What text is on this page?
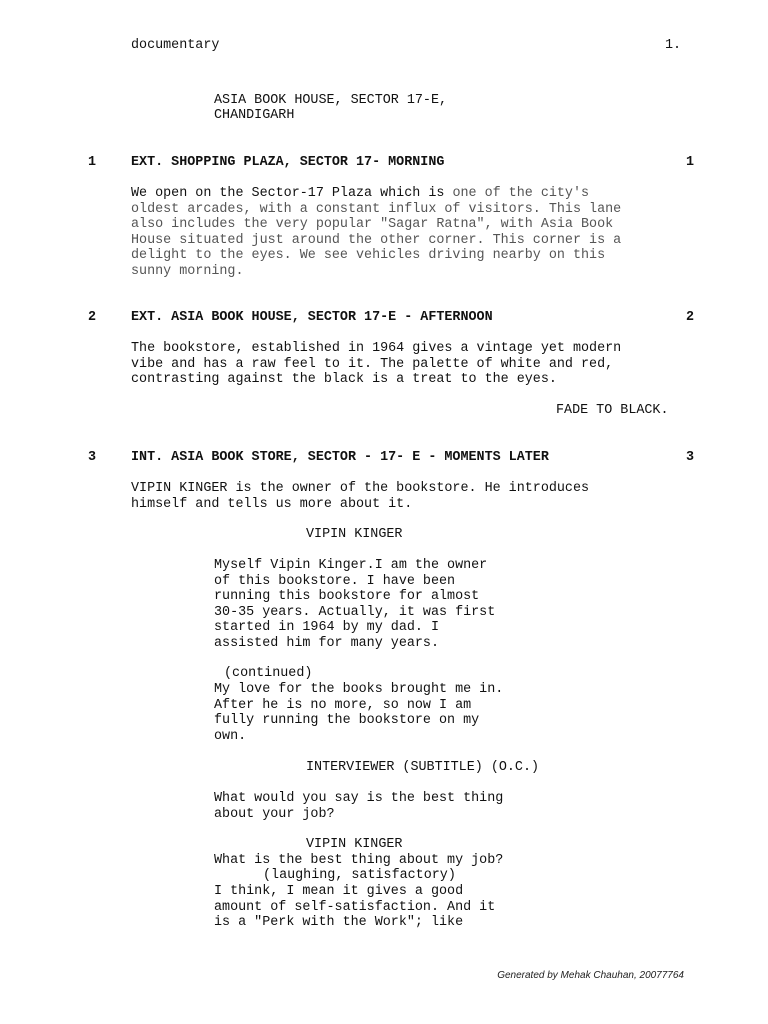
documentary	1.
ASIA BOOK HOUSE, SECTOR 17-E,
CHANDIGARH
1	EXT. SHOPPING PLAZA, SECTOR 17- MORNING	1
We open on the Sector-17 Plaza which is one of the city's
oldest arcades, with a constant influx of visitors. This lane
also includes the very popular "Sagar Ratna", with Asia Book
House situated just around the other corner. This corner is a
delight to the eyes. We see vehicles driving nearby on this
sunny morning.
2	EXT. ASIA BOOK HOUSE, SECTOR 17-E - AFTERNOON	2
The bookstore, established in 1964 gives a vintage yet modern
vibe and has a raw feel to it. The palette of white and red,
contrasting against the black is a treat to the eyes.
FADE TO BLACK.
3	INT. ASIA BOOK STORE, SECTOR - 17- E - MOMENTS LATER	3
VIPIN KINGER is the owner of the bookstore. He introduces
himself and tells us more about it.
VIPIN KINGER
Myself Vipin Kinger.I am the owner
of this bookstore. I have been
running this bookstore for almost
30-35 years. Actually, it was first
started in 1964 by my dad. I
assisted him for many years.
(continued)
My love for the books brought me in.
After he is no more, so now I am
fully running the bookstore on my
own.
INTERVIEWER (SUBTITLE) (O.C.)
What would you say is the best thing
about your job?
VIPIN KINGER
What is the best thing about my job?
(laughing, satisfactory)
I think, I mean it gives a good
amount of self-satisfaction. And it
is a "Perk with the Work"; like
Generated by Mehak Chauhan, 20077764
